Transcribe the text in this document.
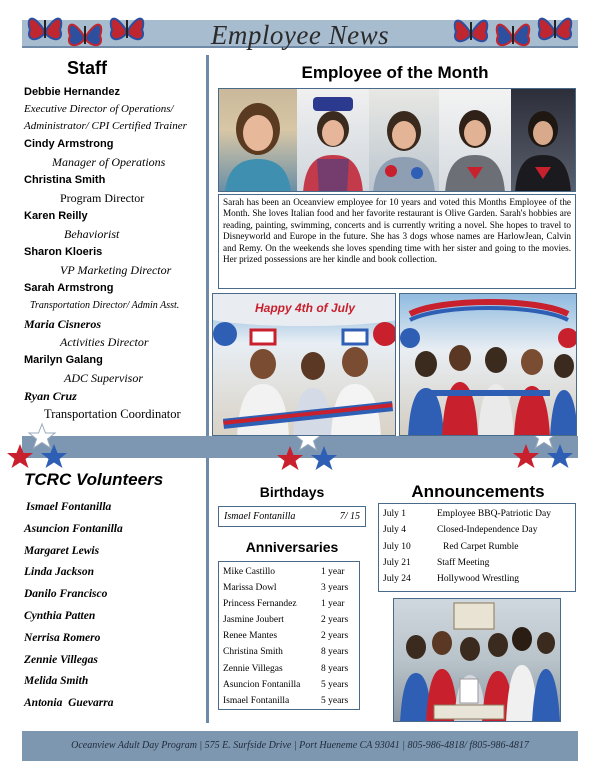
Employee News
Staff
Debbie Hernandez
Executive Director of Operations/ Administrator/ CPI Certified Trainer
Cindy Armstrong
Manager of Operations
Christina Smith
Program Director
Karen Reilly
Behaviorist
Sharon Kloeris
VP Marketing Director
Sarah Armstrong
Transportation Director/ Admin Asst.
Maria Cisneros
Activities Director
Marilyn Galang
ADC Supervisor
Ryan Cruz
Transportation Coordinator
TCRC Volunteers
Ismael Fontanilla
Asuncion Fontanilla
Margaret Lewis
Linda Jackson
Danilo Francisco
Cynthia Patten
Nerrisa Romero
Zennie Villegas
Melida Smith
Antonia  Guevarra
Employee of the Month
Sarah has been an Oceanview employee for 10 years and voted this Months Employee of the Month. She loves Italian food and her favorite restaurant is Olive Garden. Sarah's hobbies are reading, painting, swimming, concerts and is currently writing a novel. She hopes to travel to Disneyworld and Europe in the future. She has 3 dogs whose names are HarlowJean, Calvin and Remy. On the weekends she loves spending time with her sister and going to the movies. Her prized possessions are her kindle and book collection.
Happy 4th of July
Birthdays
Ismael Fontanilla	7/ 15
Anniversaries
Mike Castillo	1 year
Marissa Dowl	3 years
Princess Fernandez	1 year
Jasmine Joubert	2 years
Renee Mantes	2 years
Christina Smith	8 years
Zennie Villegas	8 years
Asuncion Fontanilla	5 years
Ismael Fontanilla	5 years
Announcements
July 1	Employee BBQ-Patriotic Day
July 4	Closed-Independence Day
July 10	Red Carpet Rumble
July 21	Staff Meeting
July 24	Hollywood Wrestling
Oceanview Adult Day Program | 575 E. Surfside Drive | Port Hueneme CA 93041 | 805-986-4818/ f805-986-4817
